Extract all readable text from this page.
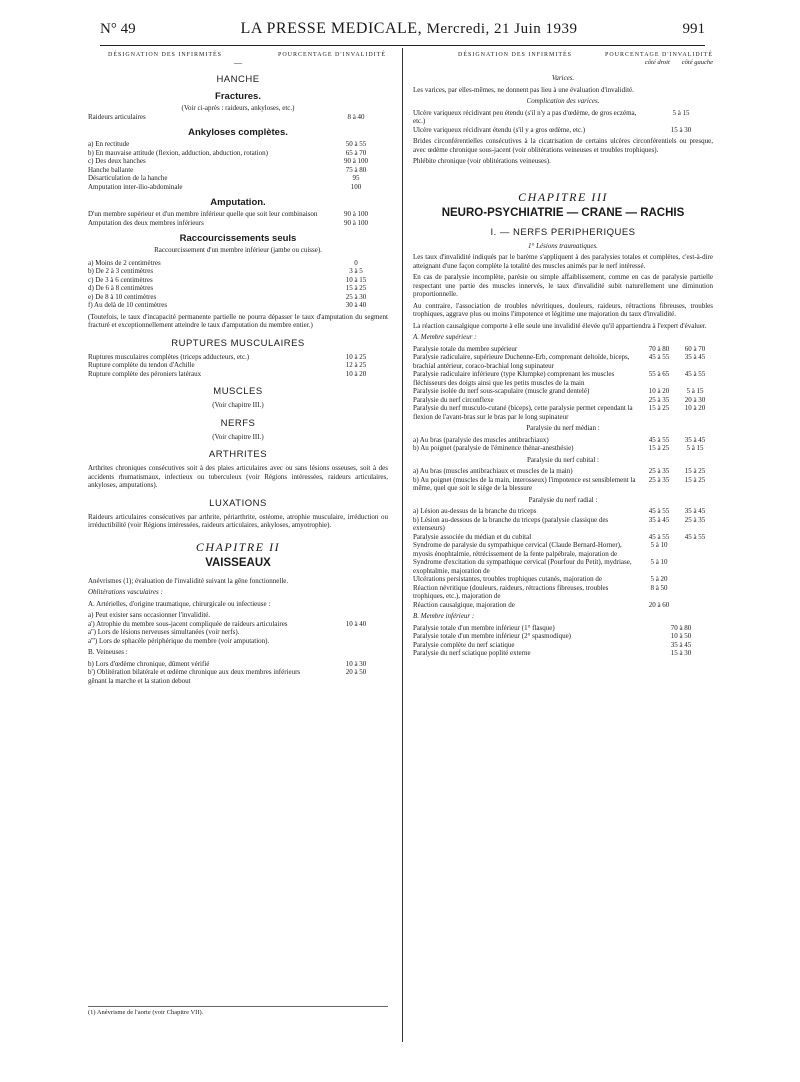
N° 49	LA PRESSE MEDICALE, Mercredi, 21 Juin 1939	991
DÉSIGNATION DES INFIRMITÉS	POURCENTAGE D'INVALIDITÉ
—
HANCHE
Fractures.
(Voir ci-après : raideurs, ankyloses, etc.)
Raideurs articulaires	8 à 40
Ankyloses complètes.
a) En rectitude	50 à 55
b) En mauvaise attitude (flexion, adduction, abduction, rotation)	65 à 70
c) Des deux hanches	90 à 100
Hanche ballante	75 à 80
Désarticulation de la hanche	95
Amputation inter-ilio-abdominale	100
Amputation.
D'un membre supérieur et d'un membre inférieur quelle que soit leur combinaison	90 à 100
Amputation des deux membres inférieurs	90 à 100
Raccourcissements seuls
Raccourcissement d'un membre inférieur (jambe ou cuisse).
a) Moins de 2 centimètres	0
b) De 2 à 3 centimètres	3 à 5
c) De 3 à 6 centimètres	10 à 15
d) De 6 à 8 centimètres	15 à 25
e) De 8 à 10 centimètres	25 à 30
f) Au delà de 10 centimètres	30 à 40
(Toutefois, le taux d'incapacité permanente partielle ne pourra dépasser le taux d'amputation du segment fracturé et exceptionnellement atteindre le taux d'amputation du membre entier.)
RUPTURES MUSCULAIRES
Ruptures musculaires complètes (triceps adducteurs, etc.)	10 à 25
Rupture complète du tendon d'Achille	12 à 25
Rupture complète des péroniers latéraux	10 à 20
MUSCLES
(Voir chapitre III.)
NERFS
(Voir chapitre III.)
ARTHRITES
Arthrites chroniques consécutives soit à des plaies articulaires avec ou sans lésions osseuses, soit à des accidents rhumatismaux, infectieux ou tuberculeux (voir Régions intéressées, raideurs articulaires, ankyloses, amputations).
LUXATIONS
Raideurs articulaires consécutives par arthrite, périarthrite, ostéome, atrophie musculaire, irréduction ou irréductibilité (voir Régions intéressées, raideurs articulaires, ankyloses, amyotrophie).
CHAPITRE II
VAISSEAUX
Anévrismes (1); évaluation de l'invalidité suivant la gêne fonctionnelle.
Oblitérations vasculaires :
A. Artérielles, d'origine traumatique, chirurgicale ou infectieuse :
a) Peut exister sans occasionner l'invalidité.
a') Atrophie du membre sous-jacent compliquée de raideurs articulaires	10 à 40
a'') Lors de lésions nerveuses simultanées (voir nerfs).
a''') Lors de sphacèle périphérique du membre (voir amputation).
B. Veineuses :
b) Lors d'œdème chronique, dûment vérifié	10 à 30
b') Oblitération bilatérale et œdème chronique aux deux membres inférieurs gênant la marche et la station debout
20 à 50
(1) Anévrisme de l'aorte (voir Chapitre VII).
DÉSIGNATION DES INFIRMITÉS	POURCENTAGE D'INVALIDITÉ
côté droit côté gauche
Varices.
Les varices, par elles-mêmes, ne donnent pas lieu à une évaluation d'invalidité.
Complication des varices.
Ulcère variqueux récidivant peu étendu (s'il n'y a pas d'œdème, de gros eczéma, etc.)
5 à 15
Ulcère variqueux récidivant étendu (s'il y a gros œdème, etc.)	15 à 30
Brides circonférentielles consécutives à la cicatrisation de certains ulcères circonférentiels ou presque, avec œdème chronique sous-jacent (voir oblitérations veineuses et troubles trophiques).
Phlébite chronique (voir oblitérations veineuses).
CHAPITRE III
NEURO-PSYCHIATRIE — CRANE — RACHIS
I. — NERFS PERIPHERIQUES
1° Lésions traumatiques.
Les taux d'invalidité indiqués par le barème s'appliquent à des paralysies totales et complètes, c'est-à-dire atteignant d'une façon complète la totalité des muscles animés par le nerf intéressé.
En cas de paralysie incomplète, parésie ou simple affaiblissement, comme en cas de paralysie partielle respectant une partie des muscles innervés, le taux d'invalidité subit naturellement une diminution proportionnelle.
Au contraire, l'association de troubles névritiques, douleurs, raideurs, rétractions fibreuses, troubles trophiques, aggrave plus ou moins l'impotence et légitime une majoration du taux d'invalidité.
La réaction causalgique comporte à elle seule une invalidité élevée qu'il appartiendra à l'expert d'évaluer.
A. Membre supérieur :
Paralysie totale du membre supérieur	70 à 80	60 à 70
Paralysie radiculaire, supérieure Duchenne-Erb, comprenant deltoïde, biceps, brachial antérieur, coraco-brachial long supinateur
45 à 55	35 à 45
Paralysie radiculaire inférieure (type Klumpke) comprenant les muscles fléchisseurs des doigts ainsi que les petits muscles de la main
55 à 65	45 à 55
Paralysie isolée du nerf sous-scapulaire (muscle grand dentelé)	10 à 20	5 à 15
Paralysie du nerf circonflexe	25 à 35	20 à 30
Paralysie du nerf musculo-cutané (biceps), cette paralysie permet cependant la flexion de l'avant-bras sur le bras par le long supinateur
15 à 25	10 à 20
Paralysie du nerf médian :
a) Au bras (paralysie des muscles antibrachiaux)	45 à 55	35 à 45
b) Au poignet (paralysie de l'éminence thénar-anesthésie)	15 à 25	5 à 15
Paralysie du nerf cubital :
a) Au bras (muscles antibrachiaux et muscles de la main)	25 à 35	15 à 25
b) Au poignet (muscles de la main, interosseux) l'impotence est sensiblement la même, quel que soit le siège de la blessure
25 à 35	15 à 25
Paralysie du nerf radial :
a) Lésion au-dessus de la branche du triceps	45 à 55	35 à 45
b) Lésion au-dessous de la branche du triceps (paralysie classique des extenseurs)
35 à 45	25 à 35
Paralysie associée du médian et du cubital	45 à 55	45 à 55
Syndrome de paralysie du sympathique cervical (Claude Bernard-Horner), myosis énophtalmie, rétrécissement de la fente palpébrale, majoration de
5 à 10
Syndrome d'excitation du sympathique cervical (Pourfour du Petit), mydriase, exophtalmie, majoration de
5 à 10
Ulcérations persistantes, troubles trophiques cutanés, majoration de	5 à 20
Réaction névritique (douleurs, raideurs, rétractions fibreuses, troubles trophiques, etc.), majoration de
8 à 50
Réaction causalgique, majoration de	20 à 60
B. Membre inférieur :
Paralysie totale d'un membre inférieur (1° flasque)	70 à 80
Paralysie totale d'un membre inférieur (2° spasmodique)	10 à 50
Paralysie complète du nerf sciatique	35 à 45
Paralysie du nerf sciatique poplité externe	15 à 30
